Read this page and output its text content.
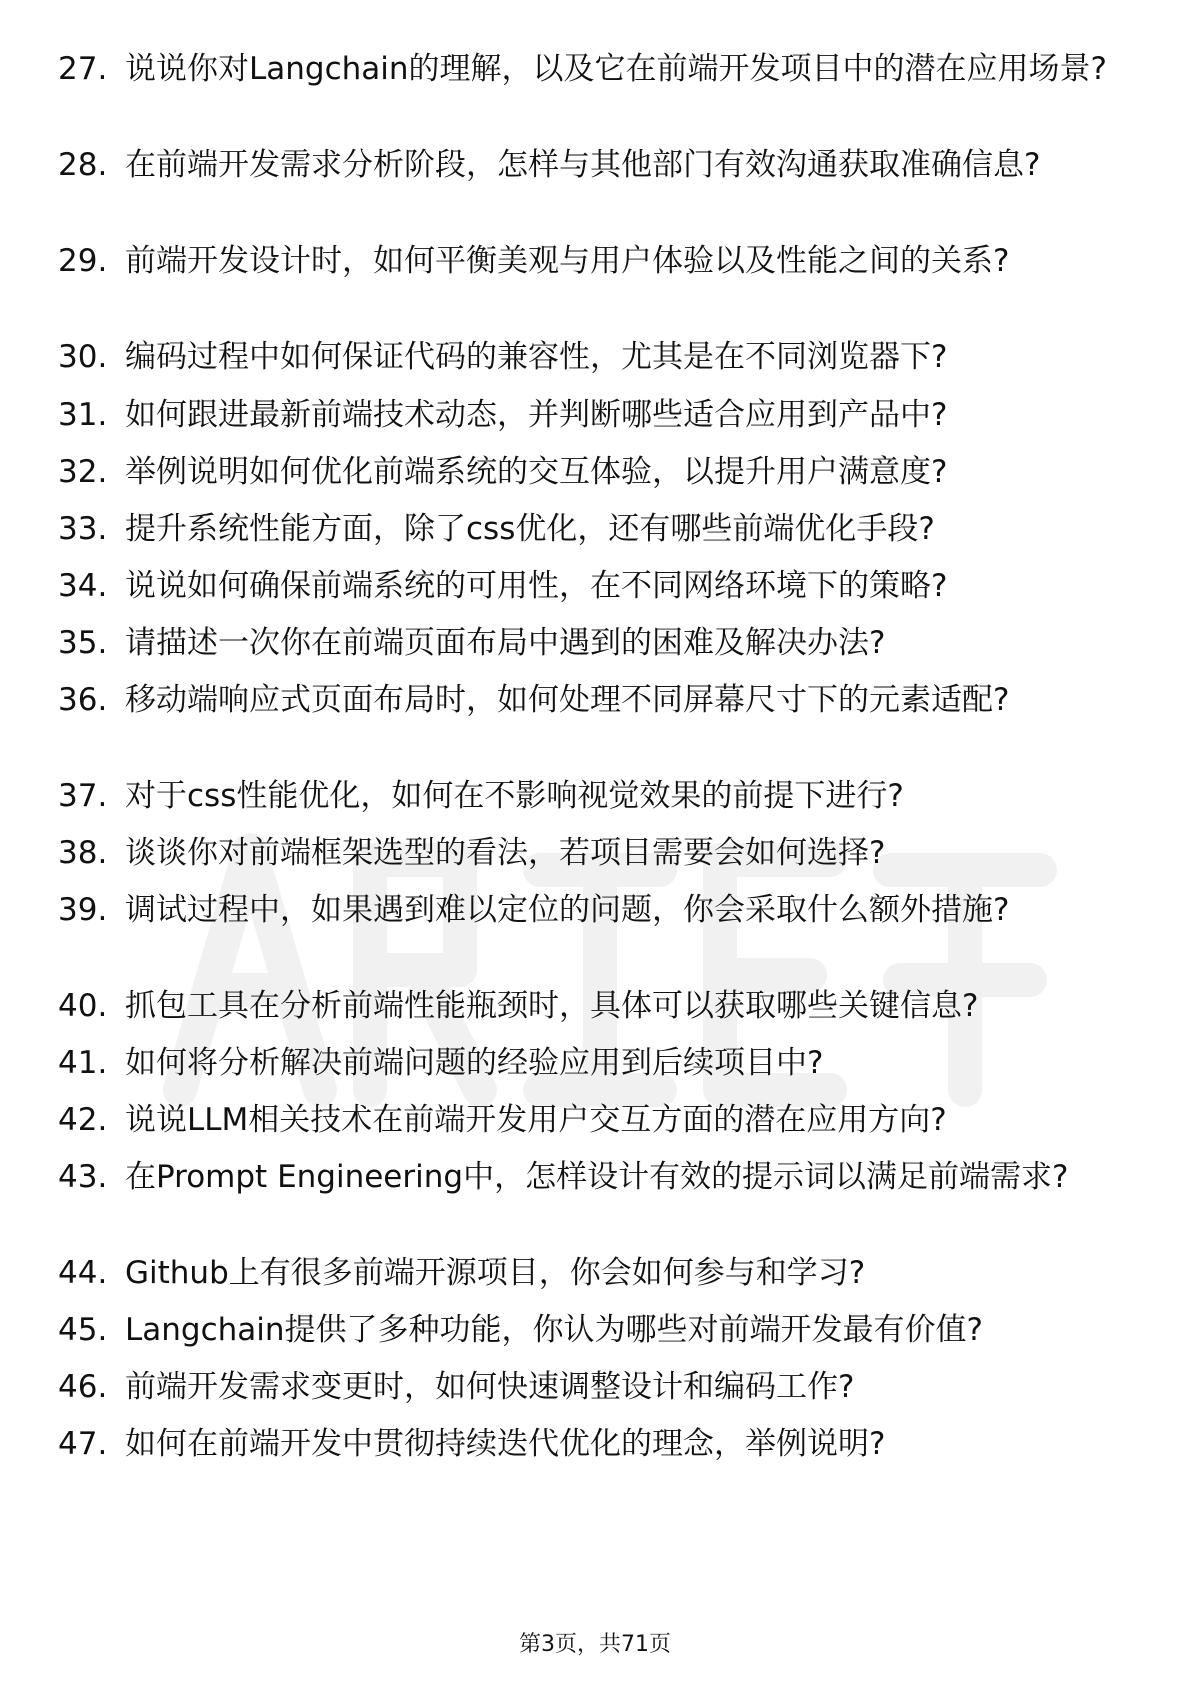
27. 说说你对Langchain的理解，以及它在前端开发项目中的潜在应用场景?
28. 在前端开发需求分析阶段，怎样与其他部门有效沟通获取准确信息?
29. 前端开发设计时，如何平衡美观与用户体验以及性能之间的关系?
30. 编码过程中如何保证代码的兼容性，尤其是在不同浏览器下?
31. 如何跟进最新前端技术动态，并判断哪些适合应用到产品中?
32. 举例说明如何优化前端系统的交互体验，以提升用户满意度?
33. 提升系统性能方面，除了css优化，还有哪些前端优化手段?
34. 说说如何确保前端系统的可用性，在不同网络环境下的策略?
35. 请描述一次你在前端页面布局中遇到的困难及解决办法?
36. 移动端响应式页面布局时，如何处理不同屏幕尺寸下的元素适配?
37. 对于css性能优化，如何在不影响视觉效果的前提下进行?
38. 谈谈你对前端框架选型的看法，若项目需要会如何选择?
39. 调试过程中，如果遇到难以定位的问题，你会采取什么额外措施?
40. 抓包工具在分析前端性能瓶颈时，具体可以获取哪些关键信息?
41. 如何将分析解决前端问题的经验应用到后续项目中?
42. 说说LLM相关技术在前端开发用户交互方面的潜在应用方向?
43. 在Prompt Engineering中，怎样设计有效的提示词以满足前端需求?
44. Github上有很多前端开源项目，你会如何参与和学习?
45. Langchain提供了多种功能，你认为哪些对前端开发最有价值?
46. 前端开发需求变更时，如何快速调整设计和编码工作?
47. 如何在前端开发中贯彻持续迭代优化的理念，举例说明?
第3页，共71页
